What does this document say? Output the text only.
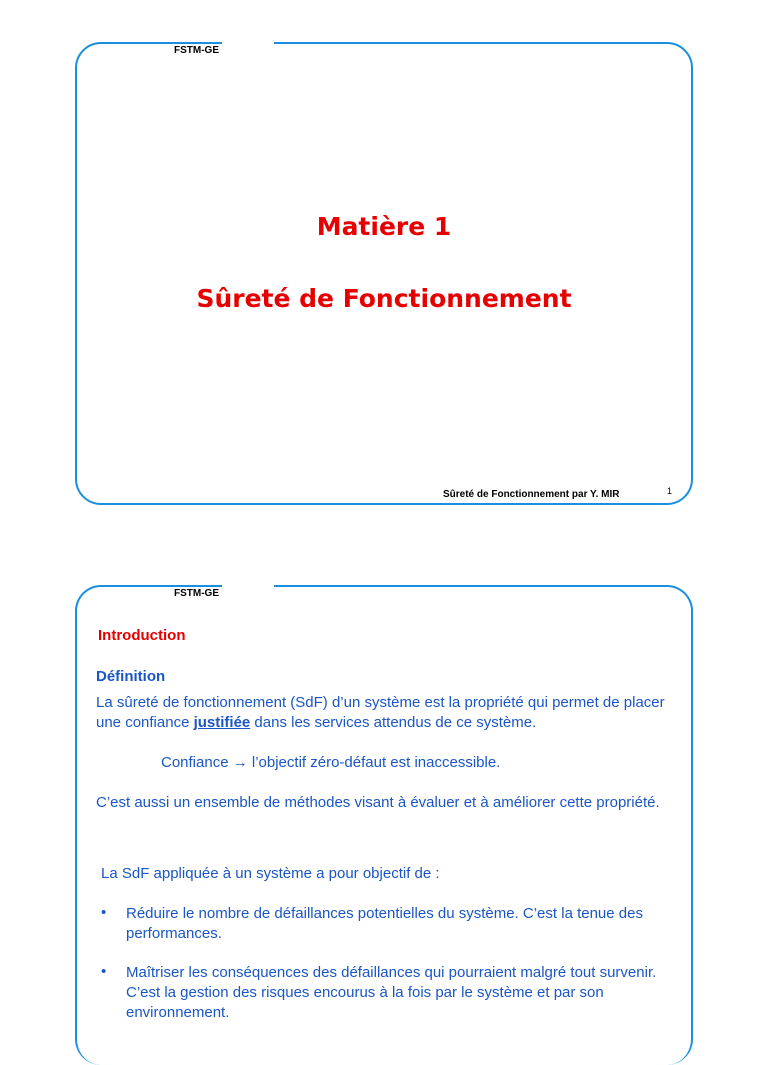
FSTM-GE
Matière 1
Sûreté de Fonctionnement
Sûreté de Fonctionnement par Y. MIR	1
FSTM-GE
Introduction
Définition
La sûreté de fonctionnement (SdF) d’un système est la propriété qui permet de placer une confiance justifiée dans les services attendus de ce système.
Confiance → l’objectif zéro-défaut est inaccessible.
C’est aussi un ensemble de méthodes visant à évaluer et à améliorer cette propriété.
La SdF appliquée à un système a pour objectif de :
• Réduire le nombre de défaillances potentielles du système. C’est la tenue des performances.
• Maîtriser les conséquences des défaillances qui pourraient malgré tout survenir. C’est la gestion des risques encourus à la fois par le système et par son environnement.
